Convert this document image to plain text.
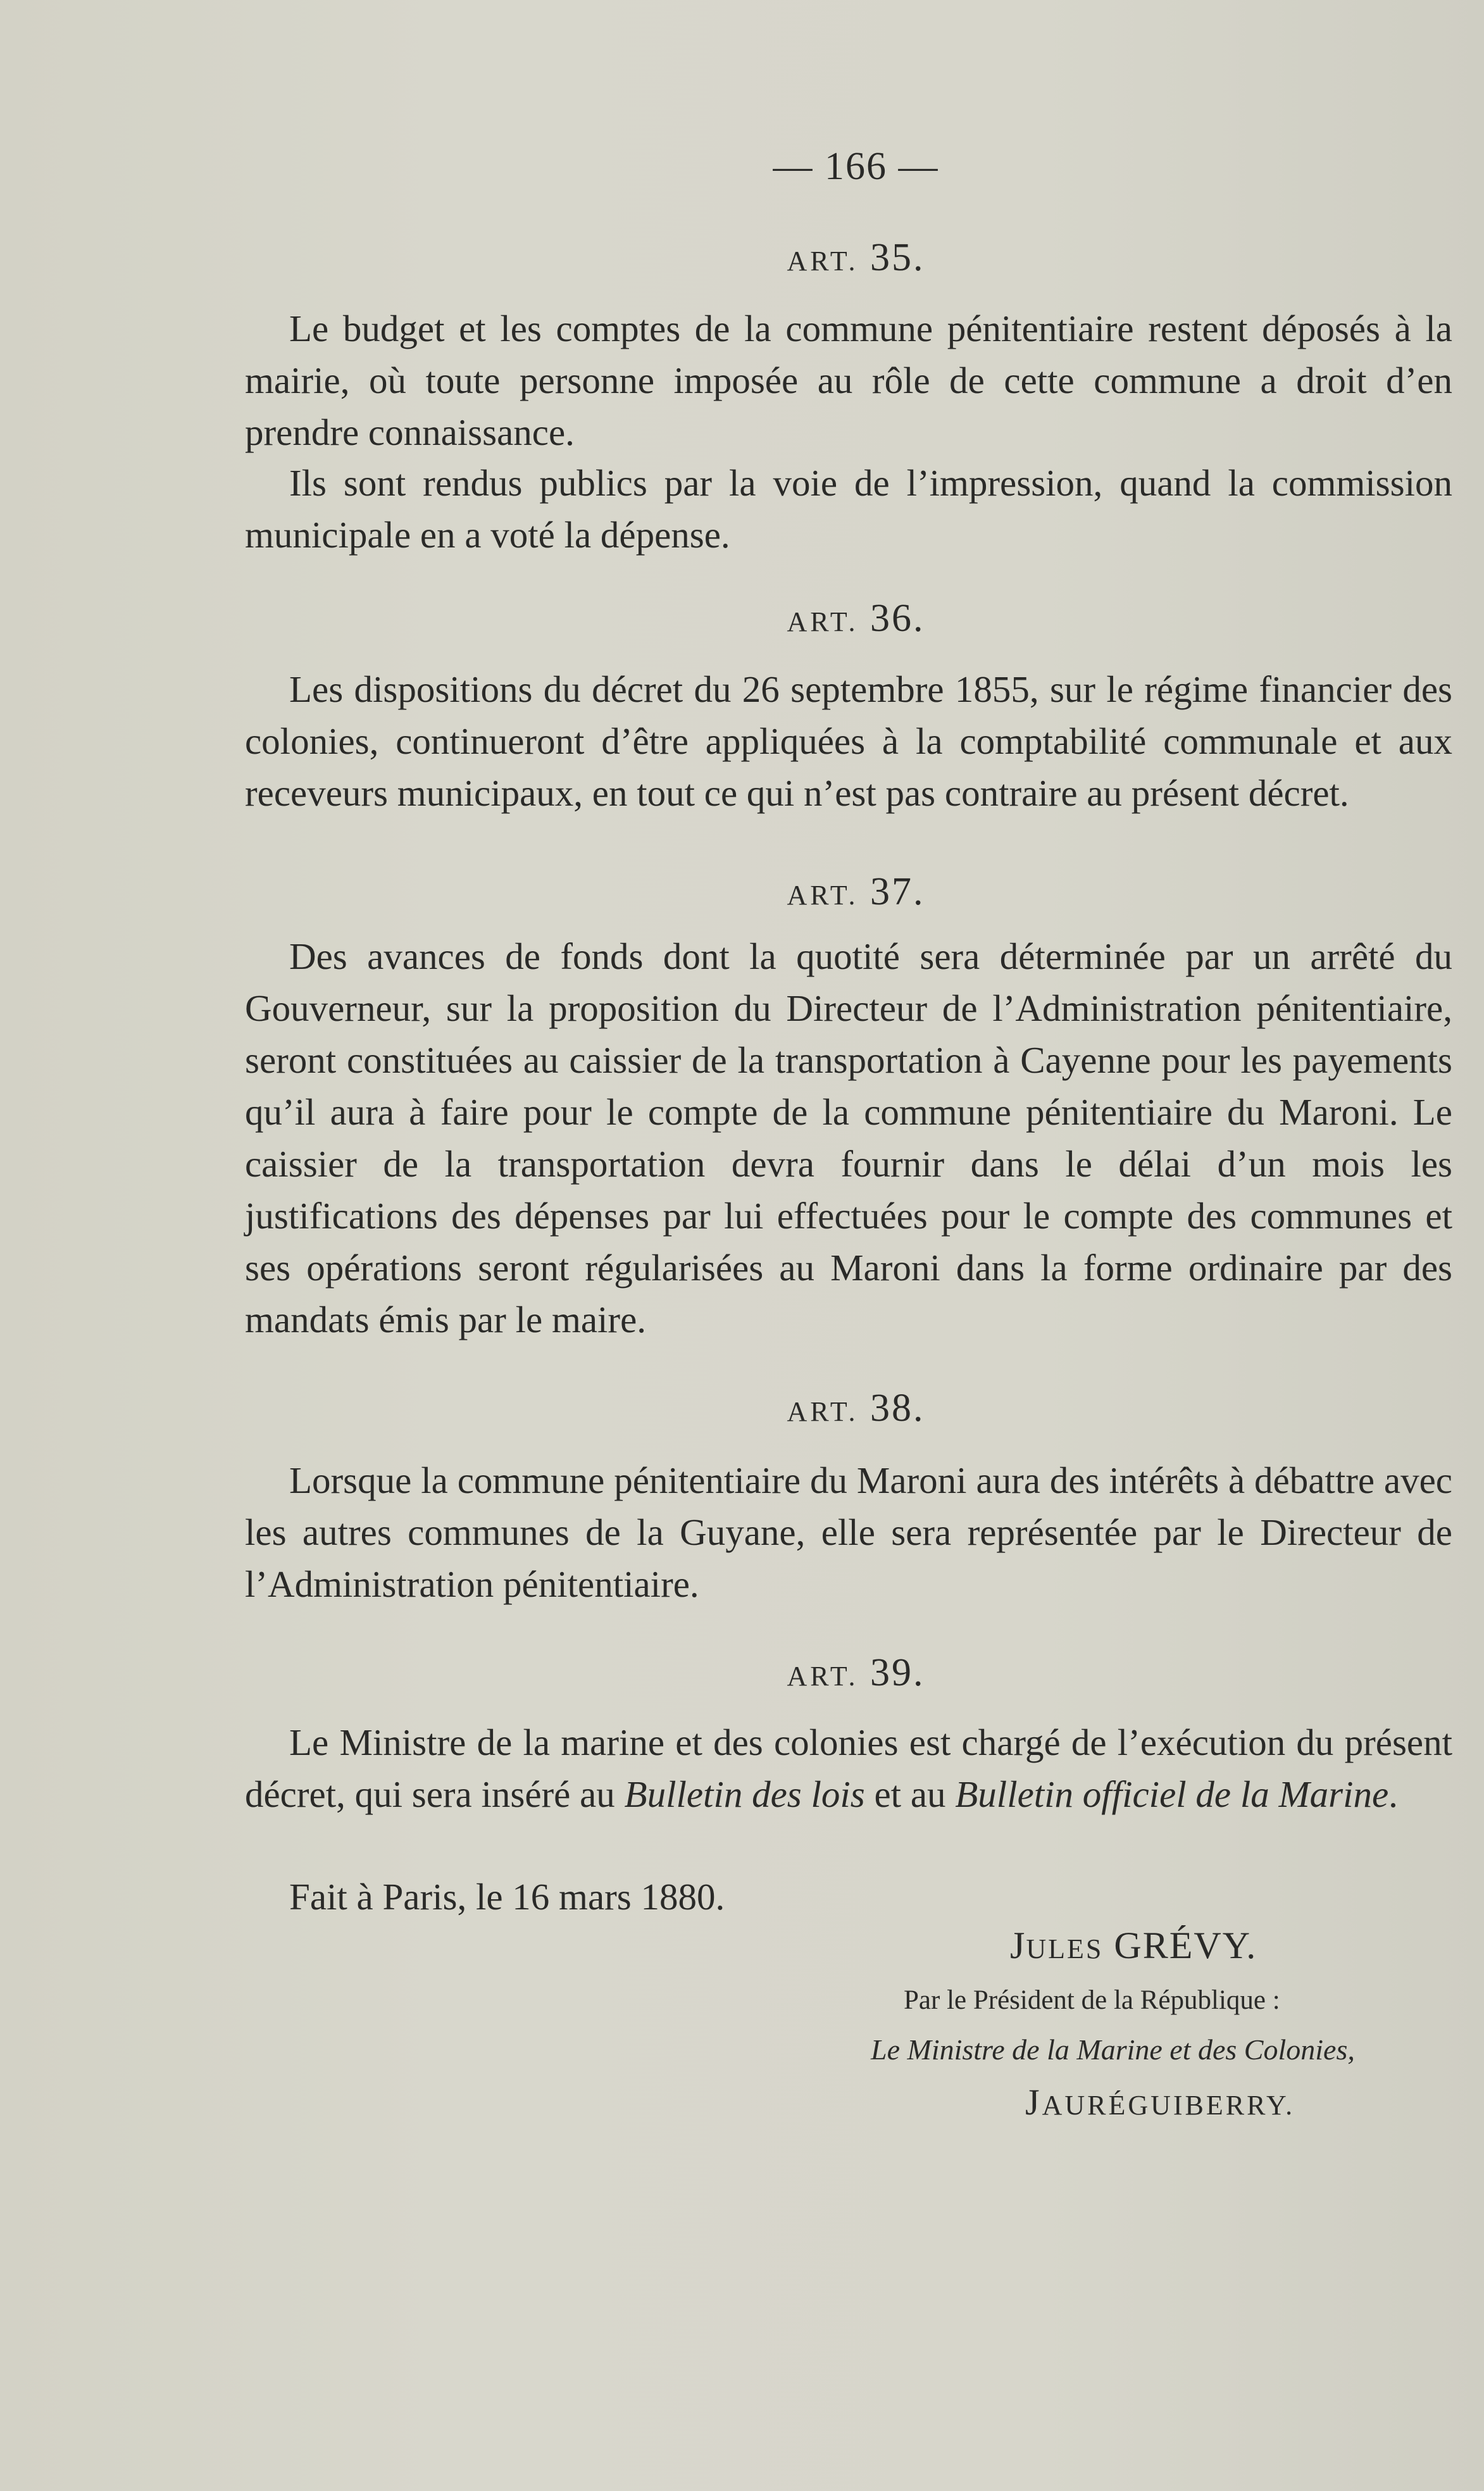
— 166 —
ART. 35.

Le budget et les comptes de la commune pénitentiaire restent déposés à la mairie, où toute personne imposée au rôle de cette commune a droit d’en prendre connaissance.

Ils sont rendus publics par la voie de l’impression, quand la commission municipale en a voté la dépense.

ART. 36.

Les dispositions du décret du 26 septembre 1855, sur le régime financier des colonies, continueront d’être appliquées à la comptabilité communale et aux receveurs municipaux, en tout ce qui n’est pas contraire au présent décret.

ART. 37.

Des avances de fonds dont la quotité sera déterminée par un arrêté du Gouverneur, sur la proposition du Directeur de l’Administration pénitentiaire, seront constituées au caissier de la transportation à Cayenne pour les payements qu’il aura à faire pour le compte de la commune pénitentiaire du Maroni. Le caissier de la transportation devra fournir dans le délai d’un mois les justifications des dépenses par lui effectuées pour le compte des communes et ses opérations seront régularisées au Maroni dans la forme ordinaire par des mandats émis par le maire.

ART. 38.

Lorsque la commune pénitentiaire du Maroni aura des intérêts à débattre avec les autres communes de la Guyane, elle sera représentée par le Directeur de l’Administration pénitentiaire.

ART. 39.

Le Ministre de la marine et des colonies est chargé de l’exécution du présent décret, qui sera inséré au Bulletin des lois et au Bulletin officiel de la Marine.

Fait à Paris, le 16 mars 1880.

JULES GRÉVY.
Par le Président de la République :
Le Ministre de la Marine et des Colonies,
JAURÉGUIBERRY.
